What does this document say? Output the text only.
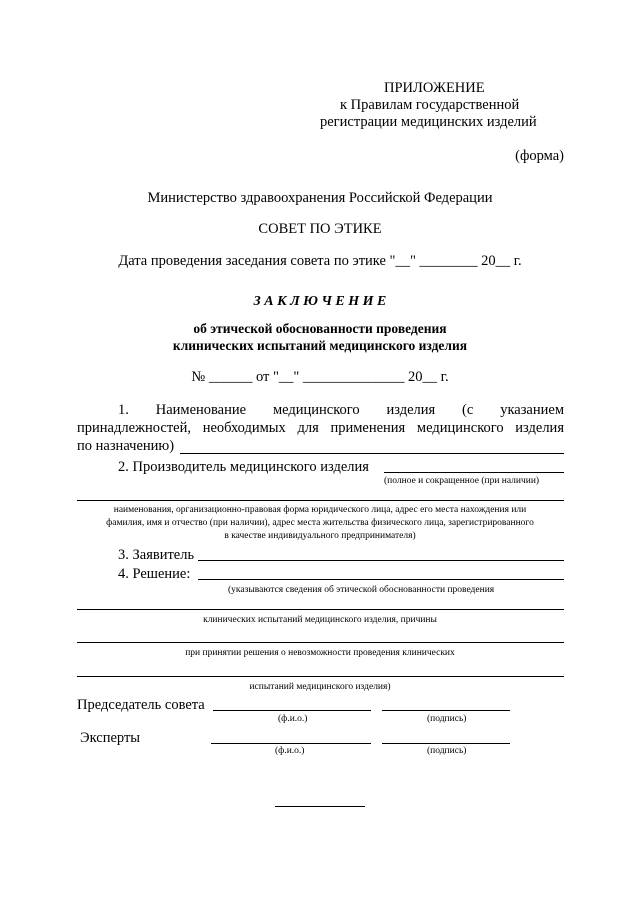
ПРИЛОЖЕНИЕ
к Правилам государственной
регистрации медицинских изделий
(форма)
Министерство здравоохранения Российской Федерации
СОВЕТ ПО ЭТИКЕ
Дата проведения заседания совета по этике "__" ________ 20__ г.
З А К Л Ю Ч Е Н И Е
об этической обоснованности проведения
клинических испытаний медицинского изделия
№ ______ от "__" ______________ 20__ г.
1. Наименование медицинского изделия (с указанием
принадлежностей, необходимых для применения медицинского изделия
по назначению)
2. Производитель медицинского изделия
(полное и сокращенное (при наличии)
наименования, организационно-правовая форма юридического лица, адрес его места нахождения или
фамилия, имя и отчество (при наличии), адрес места жительства физического лица, зарегистрированного
в качестве индивидуального предпринимателя)
3. Заявитель
4. Решение:
(указываются сведения об этической обоснованности проведения
клинических испытаний медицинского изделия, причины
при принятии решения о невозможности проведения клинических
испытаний медицинского изделия)
Председатель совета
(ф.и.о.)	(подпись)
Эксперты
(ф.и.о.)	(подпись)
